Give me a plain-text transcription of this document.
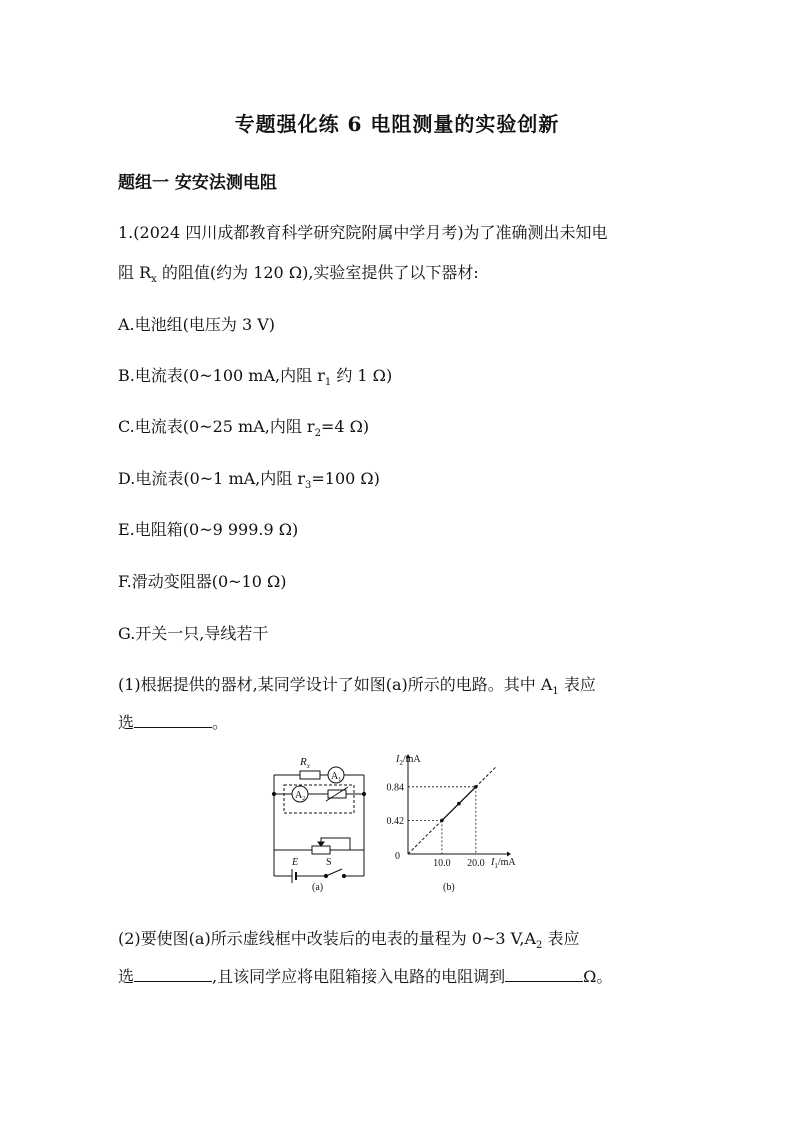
专题强化练 6 电阻测量的实验创新
题组一 安安法测电阻
1.(2024 四川成都教育科学研究院附属中学月考)为了准确测出未知电
阻 $R_x$ 的阻值(约为 120 Ω),实验室提供了以下器材:
A.电池组(电压为 3 V)
B.电流表(0~100 mA,内阻 $r_1$ 约 1 Ω)
C.电流表(0~25 mA,内阻 $r_2=4$ Ω)
D.电流表(0~1 mA,内阻 $r_3=100$ Ω)
E.电阻箱(0~9 999.9 Ω)
F.滑动变阻器(0~10 Ω)
G.开关一只,导线若干
(1)根据提供的器材,某同学设计了如图(a)所示的电路。其中 $A_1$ 表应
选	。
$R_x$
$A_1$
$A_2$
E	S
(a)
10.0
0.42
20.0
0.84
$I_2/mA$
$I_1/mA$
0
(b)
(2)要使图(a)所示虚线框中改装后的电表的量程为 0~3 $V,A_2$ 表应
选	,且该同学应将电阻箱接入电路的电阻调到	Ω。
